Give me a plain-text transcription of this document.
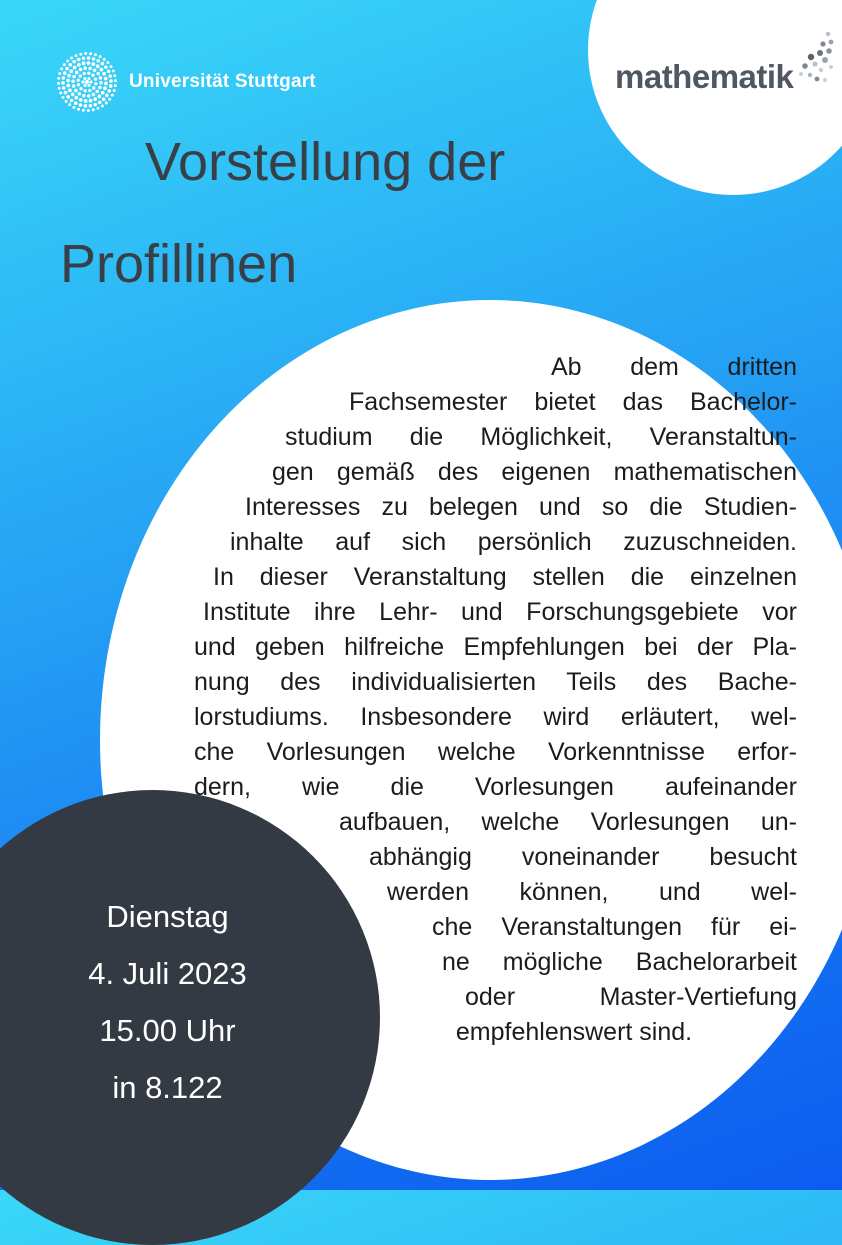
Universität Stuttgart	mathematik
Vorstellung der
Profillinen
Ab dem dritten
Fachsemester bietet das Bachelor-
studium die Möglichkeit, Veranstaltun-
gen gemäß des eigenen mathematischen
Interesses zu belegen und so die Studien-
inhalte auf sich persönlich zuzuschneiden.
In dieser Veranstaltung stellen die einzelnen
Institute ihre Lehr- und Forschungsgebiete vor
und geben hilfreiche Empfehlungen bei der Pla-
nung des individualisierten Teils des Bache-
lorstudiums. Insbesondere wird erläutert, wel-
che Vorlesungen welche Vorkenntnisse erfor-
dern, wie die Vorlesungen aufeinander
aufbauen, welche Vorlesungen un-
abhängig voneinander besucht
werden können, und wel-
che Veranstaltungen für ei-
ne mögliche Bachelorarbeit
oder Master-Vertiefung
empfehlenswert sind.
Dienstag
4. Juli 2023
15.00 Uhr
in 8.122
